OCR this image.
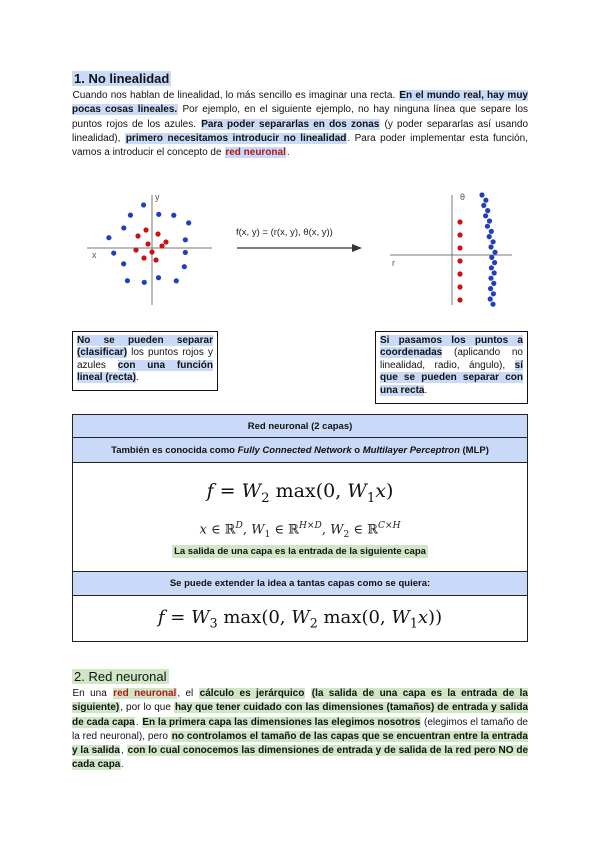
1. No linealidad
Cuando nos hablan de linealidad, lo más sencillo es imaginar una recta. En el mundo real, hay muy pocas cosas lineales. Por ejemplo, en el siguiente ejemplo, no hay ninguna línea que separe los puntos rojos de los azules. Para poder separarlas en dos zonas (y poder separarlas así usando linealidad), primero necesitamos introducir no linealidad. Para poder implementar esta función, vamos a introducir el concepto de red neuronal.
x
y
f(x, y) = (r(x, y), θ(x, y))
r
θ
No se pueden separar (clasificar) los puntos rojos y azules con una función lineal (recta).
Si pasamos los puntos a coordenadas (aplicando no linealidad, radio, ángulo), sí que se pueden separar con una recta.
Red neuronal (2 capas)
También es conocida como Fully Connected Network o Multilayer Perceptron (MLP)

$f = W_2$ max(0, $W_1x$)
x ∈ ℝ$^D$, $W_1$ ∈ ℝ$^{H\times D}$, $W_2$ ∈ ℝ$^{C\times H}$
La salida de una capa es la entrada de la siguiente capa

Se puede extender la idea a tantas capas como se quiera:

$f = W_3$ max(0, $W_2$ max(0, $W_1x$))
2. Red neuronal
En una red neuronal, el cálculo es jerárquico (la salida de una capa es la entrada de la siguiente), por lo que hay que tener cuidado con las dimensiones (tamaños) de entrada y salida de cada capa. En la primera capa las dimensiones las elegimos nosotros (elegimos el tamaño de la red neuronal), pero no controlamos el tamaño de las capas que se encuentran entre la entrada y la salida, con lo cual conocemos las dimensiones de entrada y de salida de la red pero NO de cada capa.
